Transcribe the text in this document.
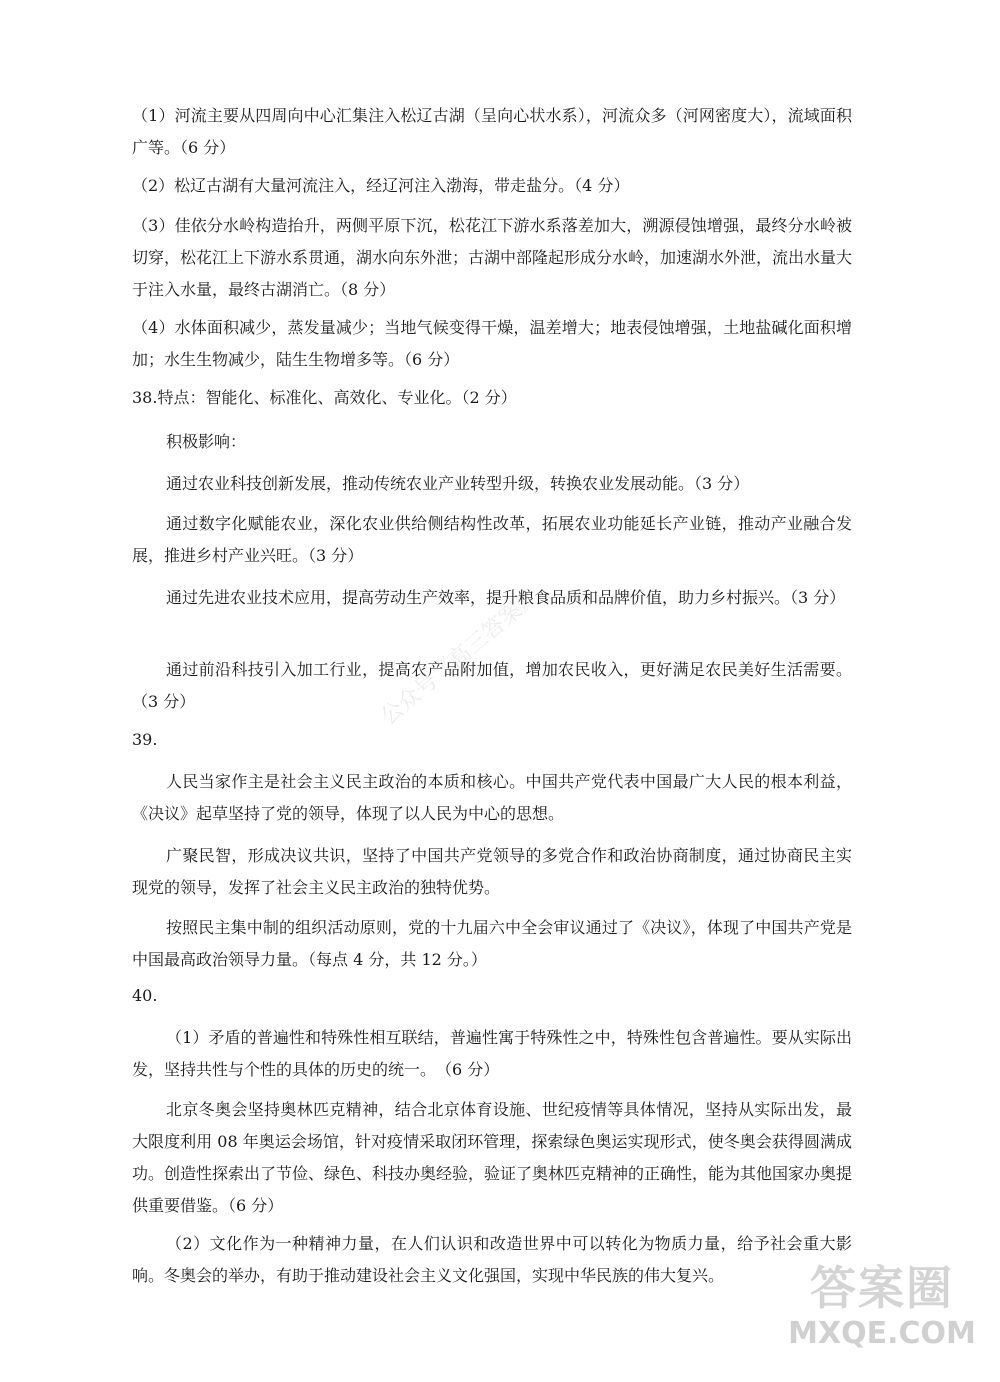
（1）河流主要从四周向中心汇集注入松辽古湖（呈向心状水系），河流众多（河网密度大），流域面积广等。（6 分）

（2）松辽古湖有大量河流注入，经辽河注入渤海，带走盐分。（4 分）

（3）佳依分水岭构造抬升，两侧平原下沉，松花江下游水系落差加大，溯源侵蚀增强，最终分水岭被切穿，松花江上下游水系贯通，湖水向东外泄；古湖中部隆起形成分水岭，加速湖水外泄，流出水量大于注入水量，最终古湖消亡。（8 分）

（4）水体面积减少，蒸发量减少；当地气候变得干燥，温差增大；地表侵蚀增强，土地盐碱化面积增加；水生生物减少，陆生生物增多等。（6 分）

38.特点：智能化、标准化、高效化、专业化。（2 分）

积极影响：

通过农业科技创新发展，推动传统农业产业转型升级，转换农业发展动能。（3 分）

通过数字化赋能农业，深化农业供给侧结构性改革，拓展农业功能延长产业链，推动产业融合发展，推进乡村产业兴旺。（3 分）

通过先进农业技术应用，提高劳动生产效率，提升粮食品质和品牌价值，助力乡村振兴。（3 分）

通过前沿科技引入加工行业，提高农产品附加值，增加农民收入，更好满足农民美好生活需要。（3 分）

39.

人民当家作主是社会主义民主政治的本质和核心。中国共产党代表中国最广大人民的根本利益，《决议》起草坚持了党的领导，体现了以人民为中心的思想。

广聚民智，形成决议共识，坚持了中国共产党领导的多党合作和政治协商制度，通过协商民主实现党的领导，发挥了社会主义民主政治的独特优势。

按照民主集中制的组织活动原则，党的十九届六中全会审议通过了《决议》，体现了中国共产党是中国最高政治领导力量。（每点 4 分，共 12 分。）

40.

（1）矛盾的普遍性和特殊性相互联结，普遍性寓于特殊性之中，特殊性包含普遍性。要从实际出发，坚持共性与个性的具体的历史的统一。　（6 分）

北京冬奥会坚持奥林匹克精神，结合北京体育设施、世纪疫情等具体情况，坚持从实际出发，最大限度利用 08 年奥运会场馆，针对疫情采取闭环管理，探索绿色奥运实现形式，使冬奥会获得圆满成功。创造性探索出了节俭、绿色、科技办奥经验，验证了奥林匹克精神的正确性，能为其他国家办奥提供重要借鉴。（6 分）

（2）文化作为一种精神力量，在人们认识和改造世界中可以转化为物质力量，给予社会重大影响。冬奥会的举办，有助于推动建设社会主义文化强国，实现中华民族的伟大复兴。

公众号《高三答案》
答案圈
MXQE.COM
